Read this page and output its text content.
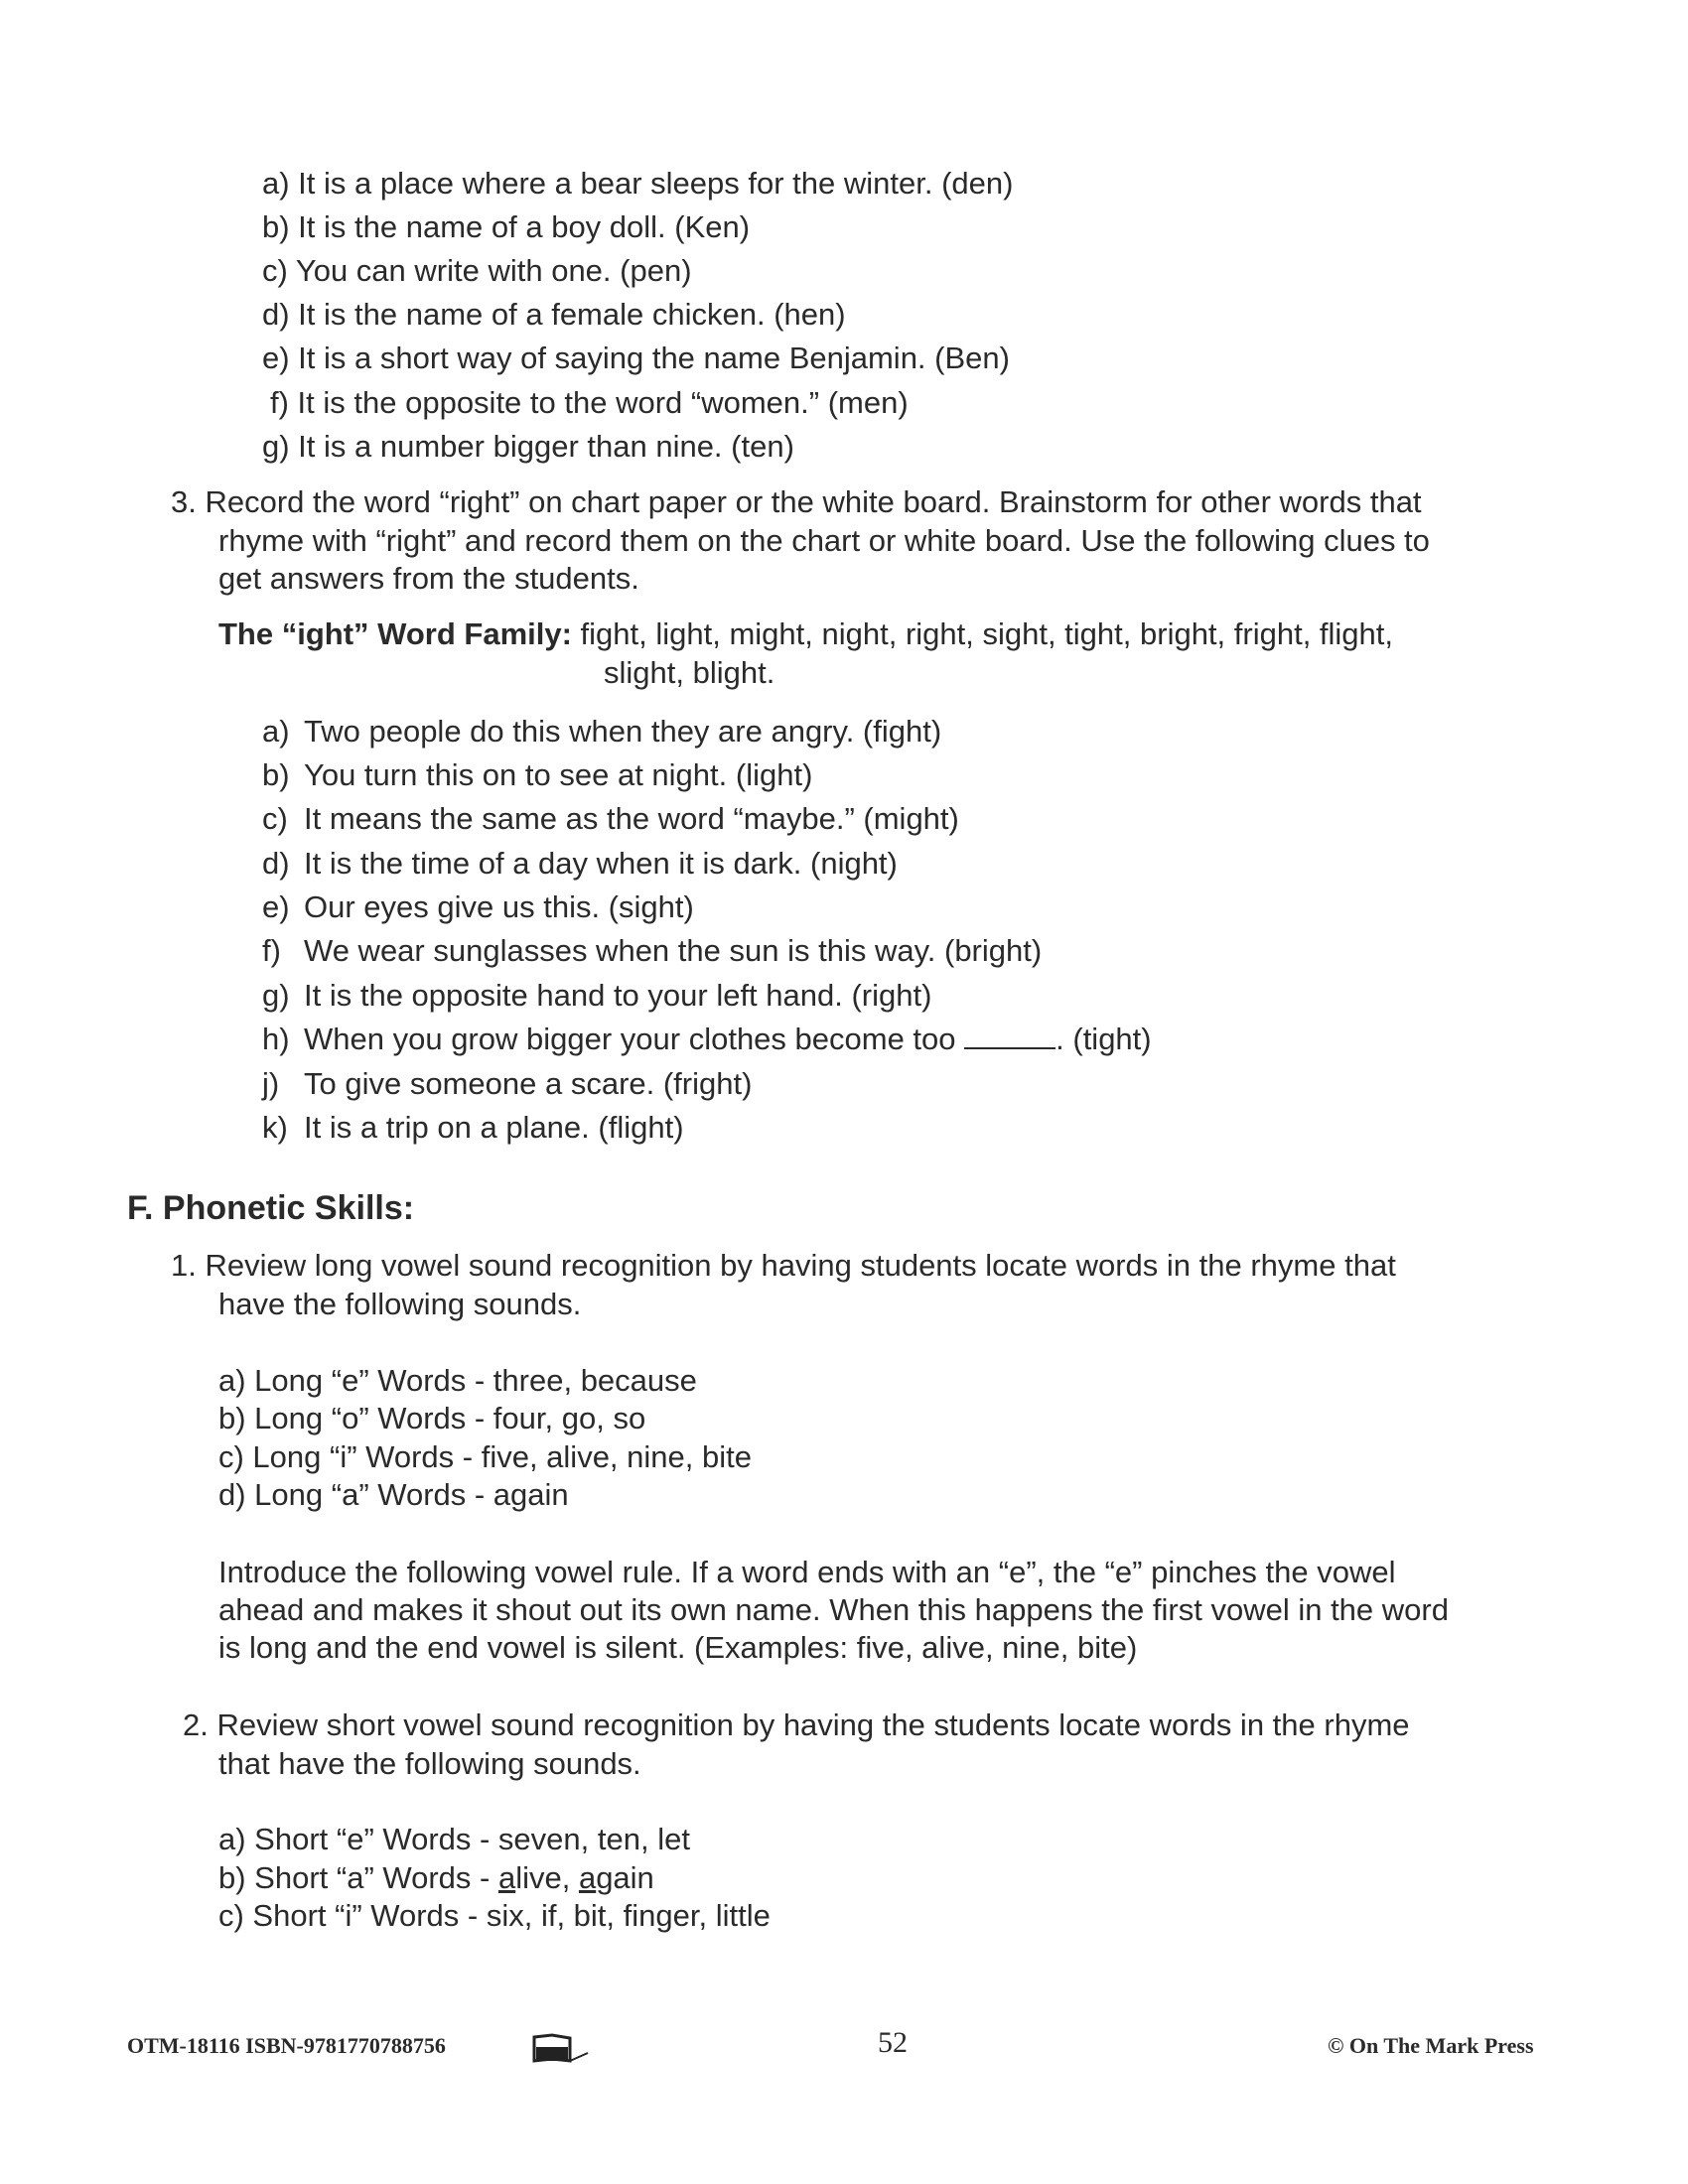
a) It is a place where a bear sleeps for the winter. (den)
b) It is the name of a boy doll. (Ken)
c) You can write with one. (pen)
d) It is the name of a female chicken. (hen)
e) It is a short way of saying the name Benjamin. (Ben)
f) It is the opposite to the word “women.” (men)
g) It is a number bigger than nine. (ten)
3. Record the word “right” on chart paper or the white board. Brainstorm for other words that
rhyme with “right” and record them on the chart or white board. Use the following clues to
get answers from the students.
The “ight” Word Family: fight, light, might, night, right, sight, tight, bright, fright, flight,
slight, blight.
a) Two people do this when they are angry. (fight)
b) You turn this on to see at night. (light)
c) It means the same as the word “maybe.” (might)
d) It is the time of a day when it is dark. (night)
e) Our eyes give us this. (sight)
f) We wear sunglasses when the sun is this way. (bright)
g) It is the opposite hand to your left hand. (right)
h) When you grow bigger your clothes become too	. (tight)
j) To give someone a scare. (fright)
k) It is a trip on a plane. (flight)
F. Phonetic Skills:
1. Review long vowel sound recognition by having students locate words in the rhyme that
have the following sounds.
a) Long “e” Words - three, because
b) Long “o” Words - four, go, so
c) Long “i” Words - five, alive, nine, bite
d) Long “a” Words - again
Introduce the following vowel rule. If a word ends with an “e”, the “e” pinches the vowel
ahead and makes it shout out its own name. When this happens the first vowel in the word
is long and the end vowel is silent. (Examples: five, alive, nine, bite)
2. Review short vowel sound recognition by having the students locate words in the rhyme
that have the following sounds.
a) Short “e” Words - seven, ten, let
b) Short “a” Words - alive, again
c) Short “i” Words - six, if, bit, finger, little
OTM-18116 ISBN-9781770788756	52	© On The Mark Press
